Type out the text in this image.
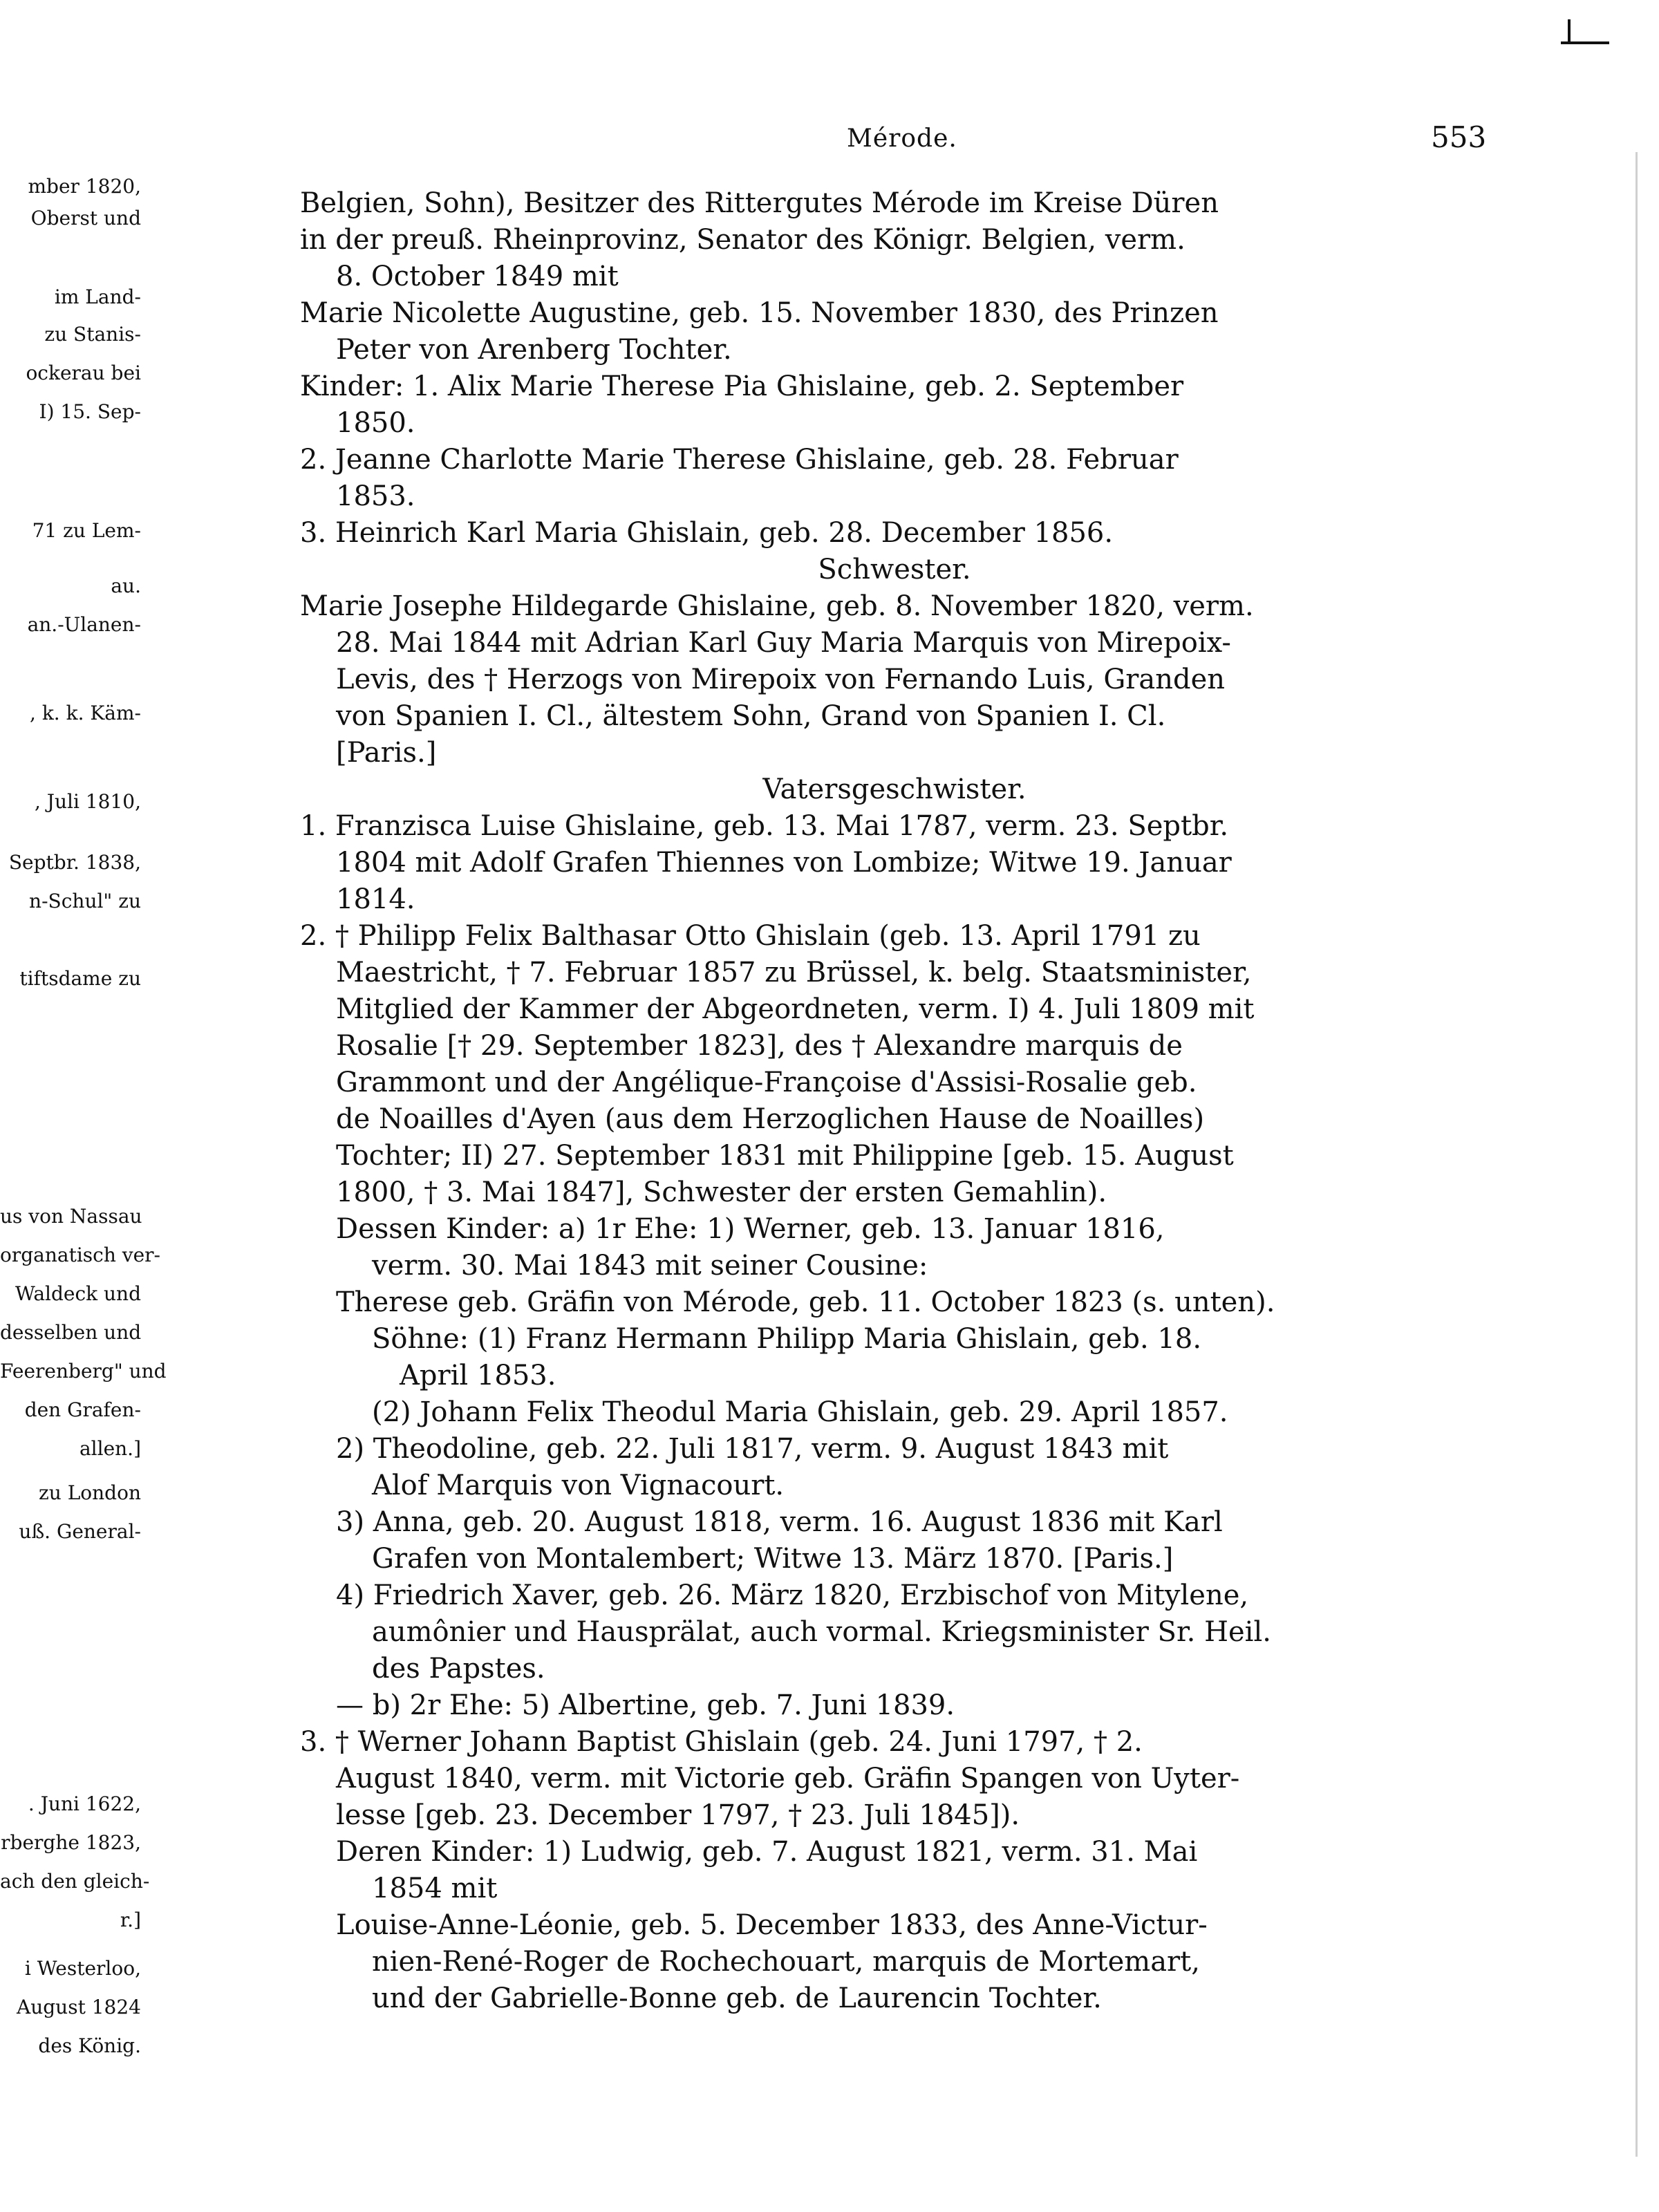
Mérode.	553
mber 1820,
Oberst und
im Land-
zu Stanis-
ockerau bei
I) 15. Sep-
71 zu Lem-
au.
an.-Ulanen-
, k. k. Käm-
, Juli 1810,
Septbr. 1838,
n-Schul" zu
tiftsdame zu
us von Nassau
organatisch ver-
Waldeck und
desselben und
Feerenberg" und
den Grafen-
allen.]
zu London
uß. General-
. Juni 1622,
rberghe 1823,
ach den gleich-
r.]
i Westerloo,
August 1824
des König.
Belgien, Sohn), Besitzer des Rittergutes Mérode im Kreise Düren
in der preuß. Rheinprovinz, Senator des Königr. Belgien, verm.
8. October 1849 mit
Marie Nicolette Augustine, geb. 15. November 1830, des Prinzen
Peter von Arenberg Tochter.
Kinder: 1. Alix Marie Therese Pia Ghislaine, geb. 2. September
1850.
2. Jeanne Charlotte Marie Therese Ghislaine, geb. 28. Februar
1853.
3. Heinrich Karl Maria Ghislain, geb. 28. December 1856.
Schwester.
Marie Josephe Hildegarde Ghislaine, geb. 8. November 1820, verm.
28. Mai 1844 mit Adrian Karl Guy Maria Marquis von Mirepoix-
Levis, des † Herzogs von Mirepoix von Fernando Luis, Granden
von Spanien I. Cl., ältestem Sohn, Grand von Spanien I. Cl.
[Paris.]
Vatersgeschwister.
1. Franzisca Luise Ghislaine, geb. 13. Mai 1787, verm. 23. Septbr.
1804 mit Adolf Grafen Thiennes von Lombize; Witwe 19. Januar
1814.
2. † Philipp Felix Balthasar Otto Ghislain (geb. 13. April 1791 zu
Maestricht, † 7. Februar 1857 zu Brüssel, k. belg. Staatsminister,
Mitglied der Kammer der Abgeordneten, verm. I) 4. Juli 1809 mit
Rosalie [† 29. September 1823], des † Alexandre marquis de
Grammont und der Angélique-Françoise d'Assisi-Rosalie geb.
de Noailles d'Ayen (aus dem Herzoglichen Hause de Noailles)
Tochter; II) 27. September 1831 mit Philippine [geb. 15. August
1800, † 3. Mai 1847], Schwester der ersten Gemahlin).
Dessen Kinder: a) 1r Ehe: 1) Werner, geb. 13. Januar 1816,
verm. 30. Mai 1843 mit seiner Cousine:
Therese geb. Gräfin von Mérode, geb. 11. October 1823 (s. unten).
Söhne: (1) Franz Hermann Philipp Maria Ghislain, geb. 18.
April 1853.
(2) Johann Felix Theodul Maria Ghislain, geb. 29. April 1857.
2) Theodoline, geb. 22. Juli 1817, verm. 9. August 1843 mit
Alof Marquis von Vignacourt.
3) Anna, geb. 20. August 1818, verm. 16. August 1836 mit Karl
Grafen von Montalembert; Witwe 13. März 1870. [Paris.]
4) Friedrich Xaver, geb. 26. März 1820, Erzbischof von Mitylene,
aumônier und Hausprälat, auch vormal. Kriegsminister Sr. Heil.
des Papstes.
— b) 2r Ehe: 5) Albertine, geb. 7. Juni 1839.
3. † Werner Johann Baptist Ghislain (geb. 24. Juni 1797, † 2.
August 1840, verm. mit Victorie geb. Gräfin Spangen von Uyter-
lesse [geb. 23. December 1797, † 23. Juli 1845]).
Deren Kinder: 1) Ludwig, geb. 7. August 1821, verm. 31. Mai
1854 mit
Louise-Anne-Léonie, geb. 5. December 1833, des Anne-Victur-
nien-René-Roger de Rochechouart, marquis de Mortemart,
und der Gabrielle-Bonne geb. de Laurencin Tochter.
